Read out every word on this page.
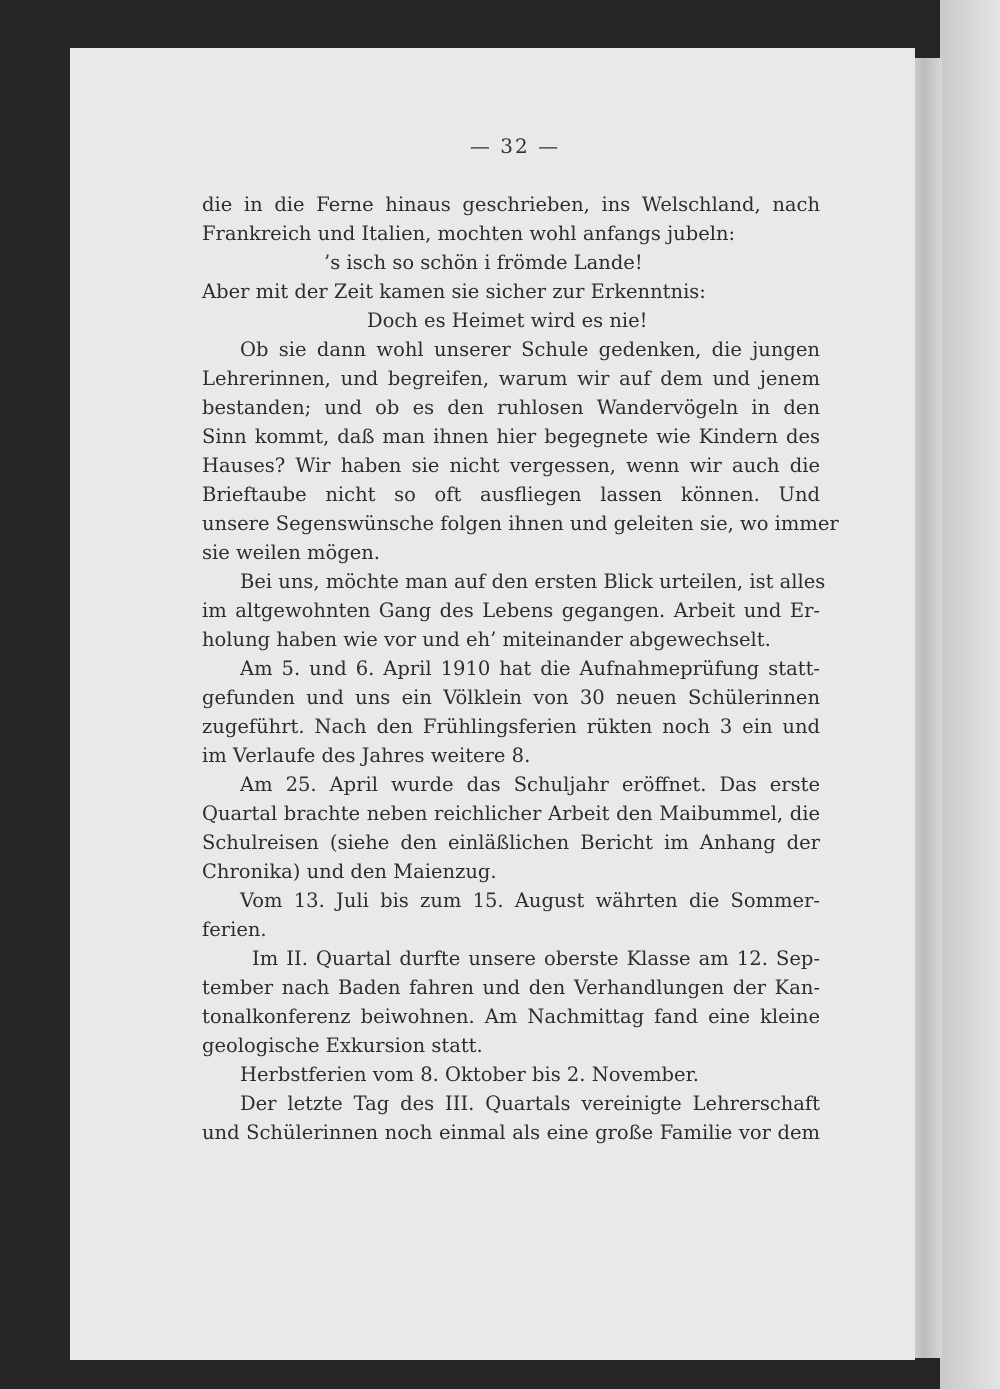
— 32 —
die in die Ferne hinaus geschrieben, ins Welschland, nach
Frankreich und Italien, mochten wohl anfangs jubeln:
’s isch so schön i frömde Lande!
Aber mit der Zeit kamen sie sicher zur Erkenntnis:
Doch es Heimet wird es nie!
Ob sie dann wohl unserer Schule gedenken, die jungen
Lehrerinnen, und begreifen, warum wir auf dem und jenem
bestanden; und ob es den ruhlosen Wandervögeln in den
Sinn kommt, daß man ihnen hier begegnete wie Kindern des
Hauses? Wir haben sie nicht vergessen, wenn wir auch die
Brieftaube nicht so oft ausfliegen lassen können. Und
unsere Segenswünsche folgen ihnen und geleiten sie, wo immer
sie weilen mögen.
Bei uns, möchte man auf den ersten Blick urteilen, ist alles
im altgewohnten Gang des Lebens gegangen. Arbeit und Er-
holung haben wie vor und eh’ miteinander abgewechselt.
Am 5. und 6. April 1910 hat die Aufnahmeprüfung statt-
gefunden und uns ein Völklein von 30 neuen Schülerinnen
zugeführt. Nach den Frühlingsferien rükten noch 3 ein und
im Verlaufe des Jahres weitere 8.
Am 25. April wurde das Schuljahr eröffnet. Das erste
Quartal brachte neben reichlicher Arbeit den Maibummel, die
Schulreisen (siehe den einläßlichen Bericht im Anhang der
Chronika) und den Maienzug.
Vom 13. Juli bis zum 15. August währten die Sommer-
ferien.
Im II. Quartal durfte unsere oberste Klasse am 12. Sep-
tember nach Baden fahren und den Verhandlungen der Kan-
tonalkonferenz beiwohnen. Am Nachmittag fand eine kleine
geologische Exkursion statt.
Herbstferien vom 8. Oktober bis 2. November.
Der letzte Tag des III. Quartals vereinigte Lehrerschaft
und Schülerinnen noch einmal als eine große Familie vor dem
